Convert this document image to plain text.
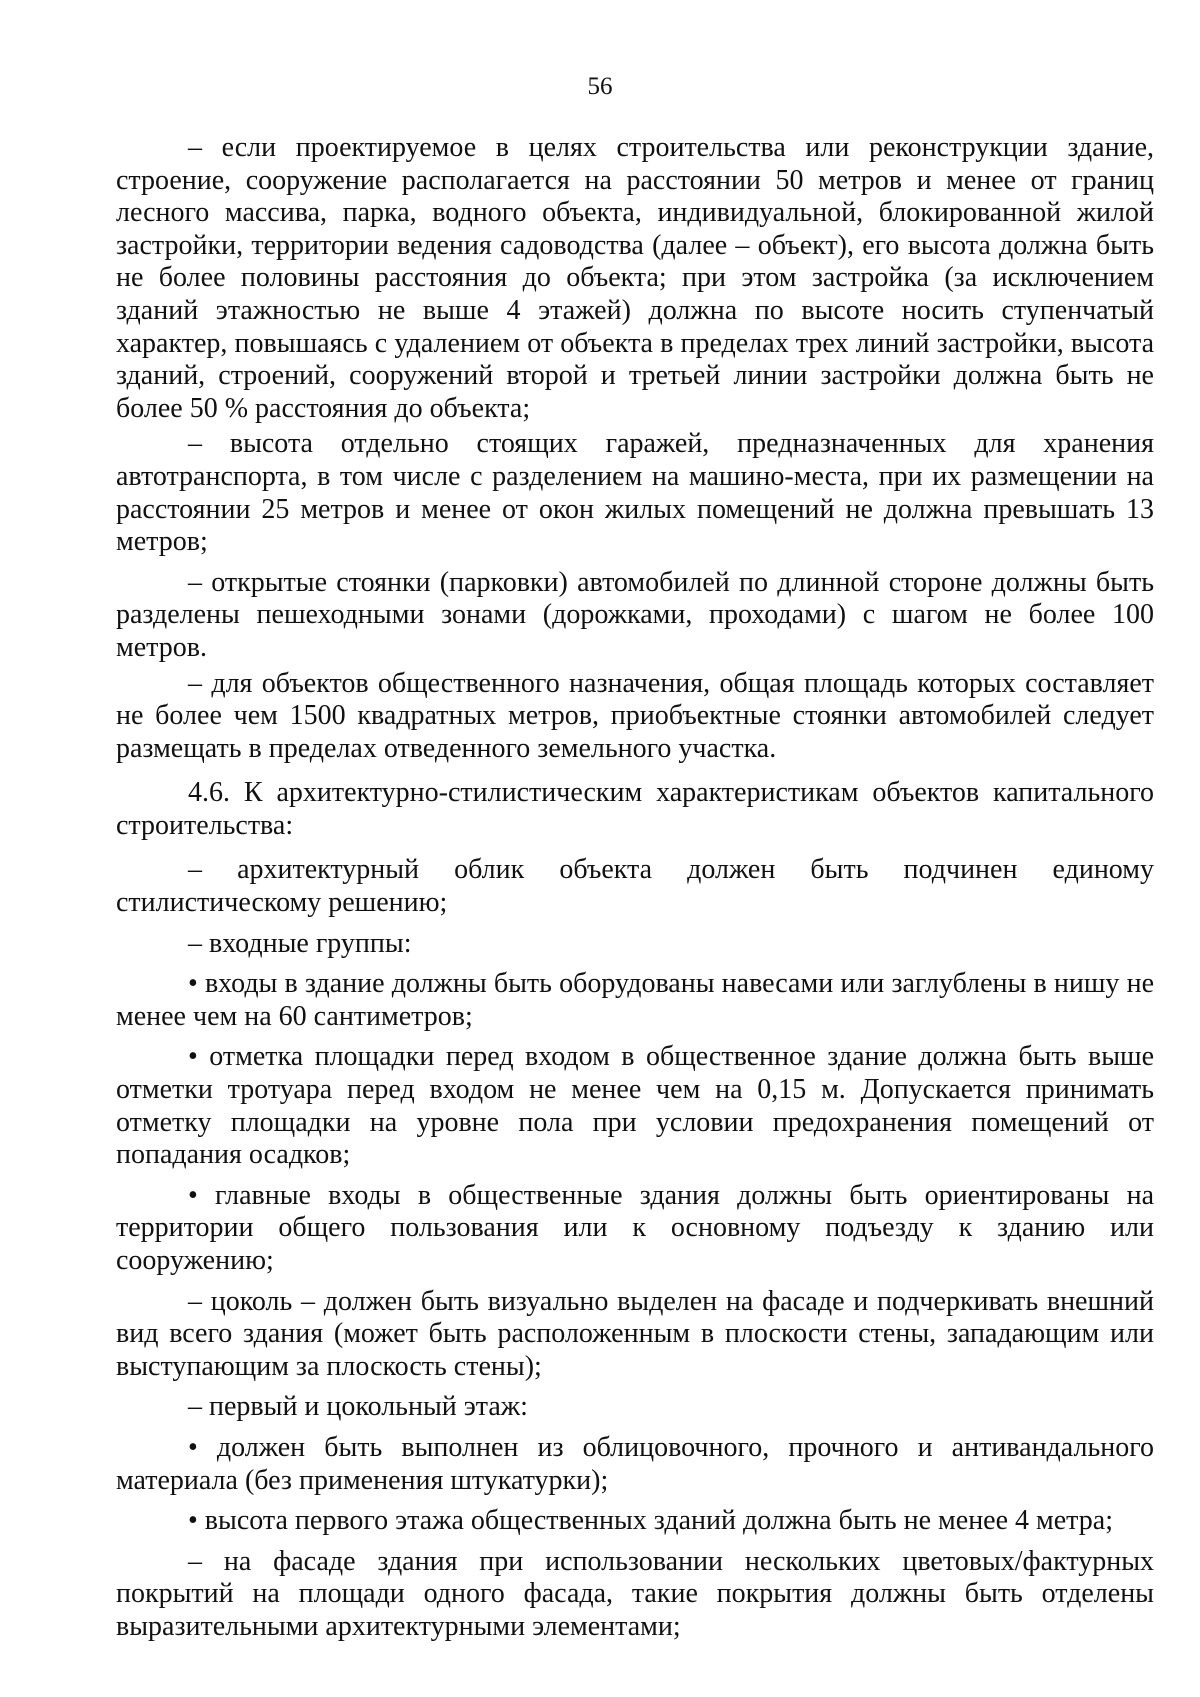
56

– если проектируемое в целях строительства или реконструкции здание, строение, сооружение располагается на расстоянии 50 метров и менее от границ лесного массива, парка, водного объекта, индивидуальной, блокированной жилой застройки, территории ведения садоводства (далее – объект), его высота должна быть не более половины расстояния до объекта; при этом застройка (за исключением зданий этажностью не выше 4 этажей) должна по высоте носить ступенчатый характер, повышаясь с удалением от объекта в пределах трех линий застройки, высота зданий, строений, сооружений второй и третьей линии застройки должна быть не более 50 % расстояния до объекта;

– высота отдельно стоящих гаражей, предназначенных для хранения автотранспорта, в том числе с разделением на машино-места, при их размещении на расстоянии 25 метров и менее от окон жилых помещений не должна превышать 13 метров;

– открытые стоянки (парковки) автомобилей по длинной стороне должны быть разделены пешеходными зонами (дорожками, проходами) с шагом не более 100 метров.

– для объектов общественного назначения, общая площадь которых составляет не более чем 1500 квадратных метров, приобъектные стоянки автомобилей следует размещать в пределах отведенного земельного участка.

4.6. К архитектурно-стилистическим характеристикам объектов капитального строительства:

– архитектурный облик объекта должен быть подчинен единому стилистическому решению;

– входные группы:

• входы в здание должны быть оборудованы навесами или заглублены в нишу не менее чем на 60 сантиметров;

• отметка площадки перед входом в общественное здание должна быть выше отметки тротуара перед входом не менее чем на 0,15 м. Допускается принимать отметку площадки на уровне пола при условии предохранения помещений от попадания осадков;

• главные входы в общественные здания должны быть ориентированы на территории общего пользования или к основному подъезду к зданию или сооружению;

– цоколь – должен быть визуально выделен на фасаде и подчеркивать внешний вид всего здания (может быть расположенным в плоскости стены, западающим или выступающим за плоскость стены);

– первый и цокольный этаж:

• должен быть выполнен из облицовочного, прочного и антивандального материала (без применения штукатурки);

• высота первого этажа общественных зданий должна быть не менее 4 метра;

– на фасаде здания при использовании нескольких цветовых/фактурных покрытий на площади одного фасада, такие покрытия должны быть отделены выразительными архитектурными элементами;
